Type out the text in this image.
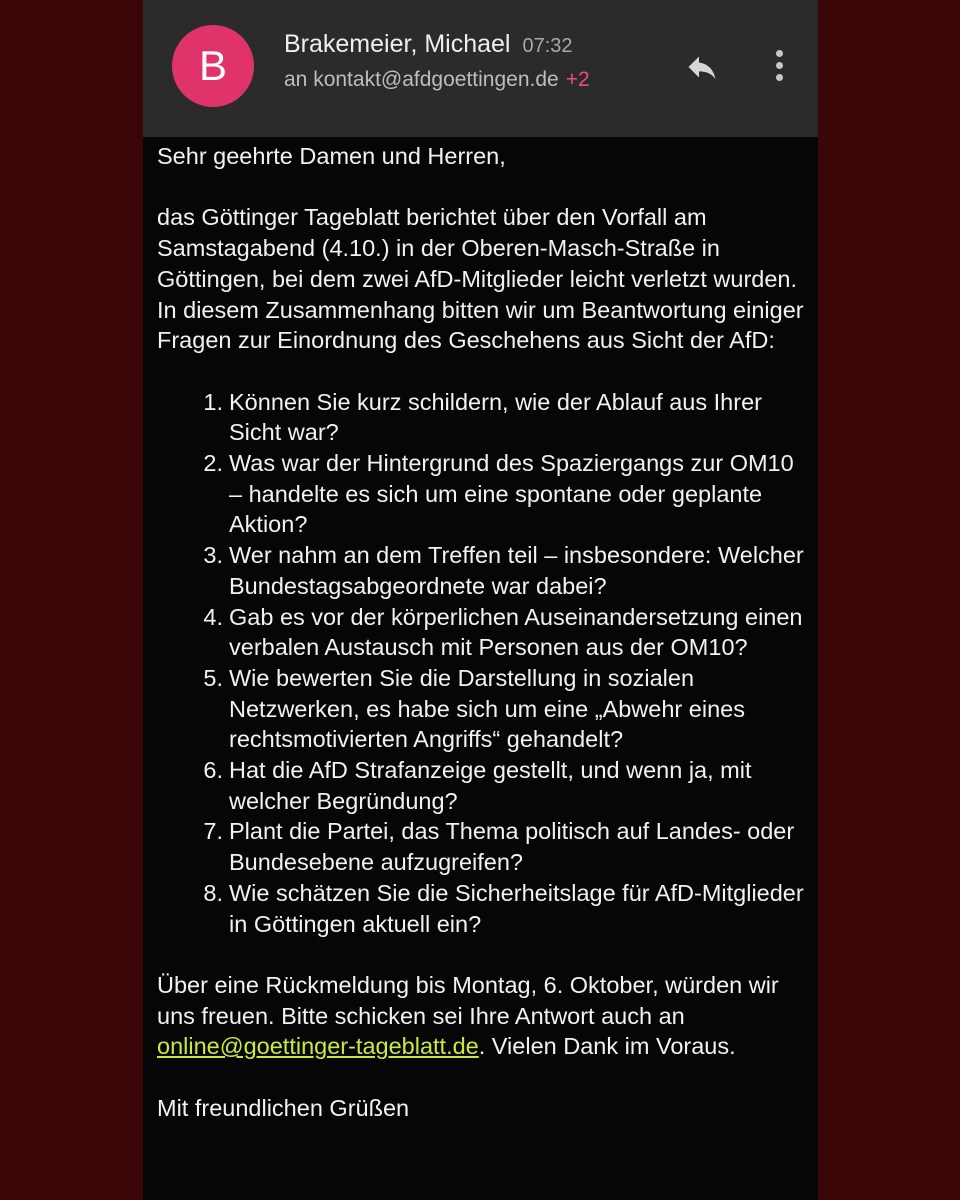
B	Brakemeier, Michael 07:32
an kontakt@afdgoettingen.de +2

Sehr geehrte Damen und Herren,

das Göttinger Tageblatt berichtet über den Vorfall am Samstagabend (4.10.) in der Oberen-Masch-Straße in Göttingen, bei dem zwei AfD-Mitglieder leicht verletzt wurden. In diesem Zusammenhang bitten wir um Beantwortung einiger Fragen zur Einordnung des Geschehens aus Sicht der AfD:

1. Können Sie kurz schildern, wie der Ablauf aus Ihrer Sicht war?
2. Was war der Hintergrund des Spaziergangs zur OM10 – handelte es sich um eine spontane oder geplante Aktion?
3. Wer nahm an dem Treffen teil – insbesondere: Welcher Bundestagsabgeordnete war dabei?
4. Gab es vor der körperlichen Auseinandersetzung einen verbalen Austausch mit Personen aus der OM10?
5. Wie bewerten Sie die Darstellung in sozialen Netzwerken, es habe sich um eine „Abwehr eines rechtsmotivierten Angriffs“ gehandelt?
6. Hat die AfD Strafanzeige gestellt, und wenn ja, mit welcher Begründung?
7. Plant die Partei, das Thema politisch auf Landes- oder Bundesebene aufzugreifen?
8. Wie schätzen Sie die Sicherheitslage für AfD-Mitglieder in Göttingen aktuell ein?

Über eine Rückmeldung bis Montag, 6. Oktober, würden wir uns freuen. Bitte schicken sei Ihre Antwort auch an online@goettinger-tageblatt.de. Vielen Dank im Voraus.

Mit freundlichen Grüßen
